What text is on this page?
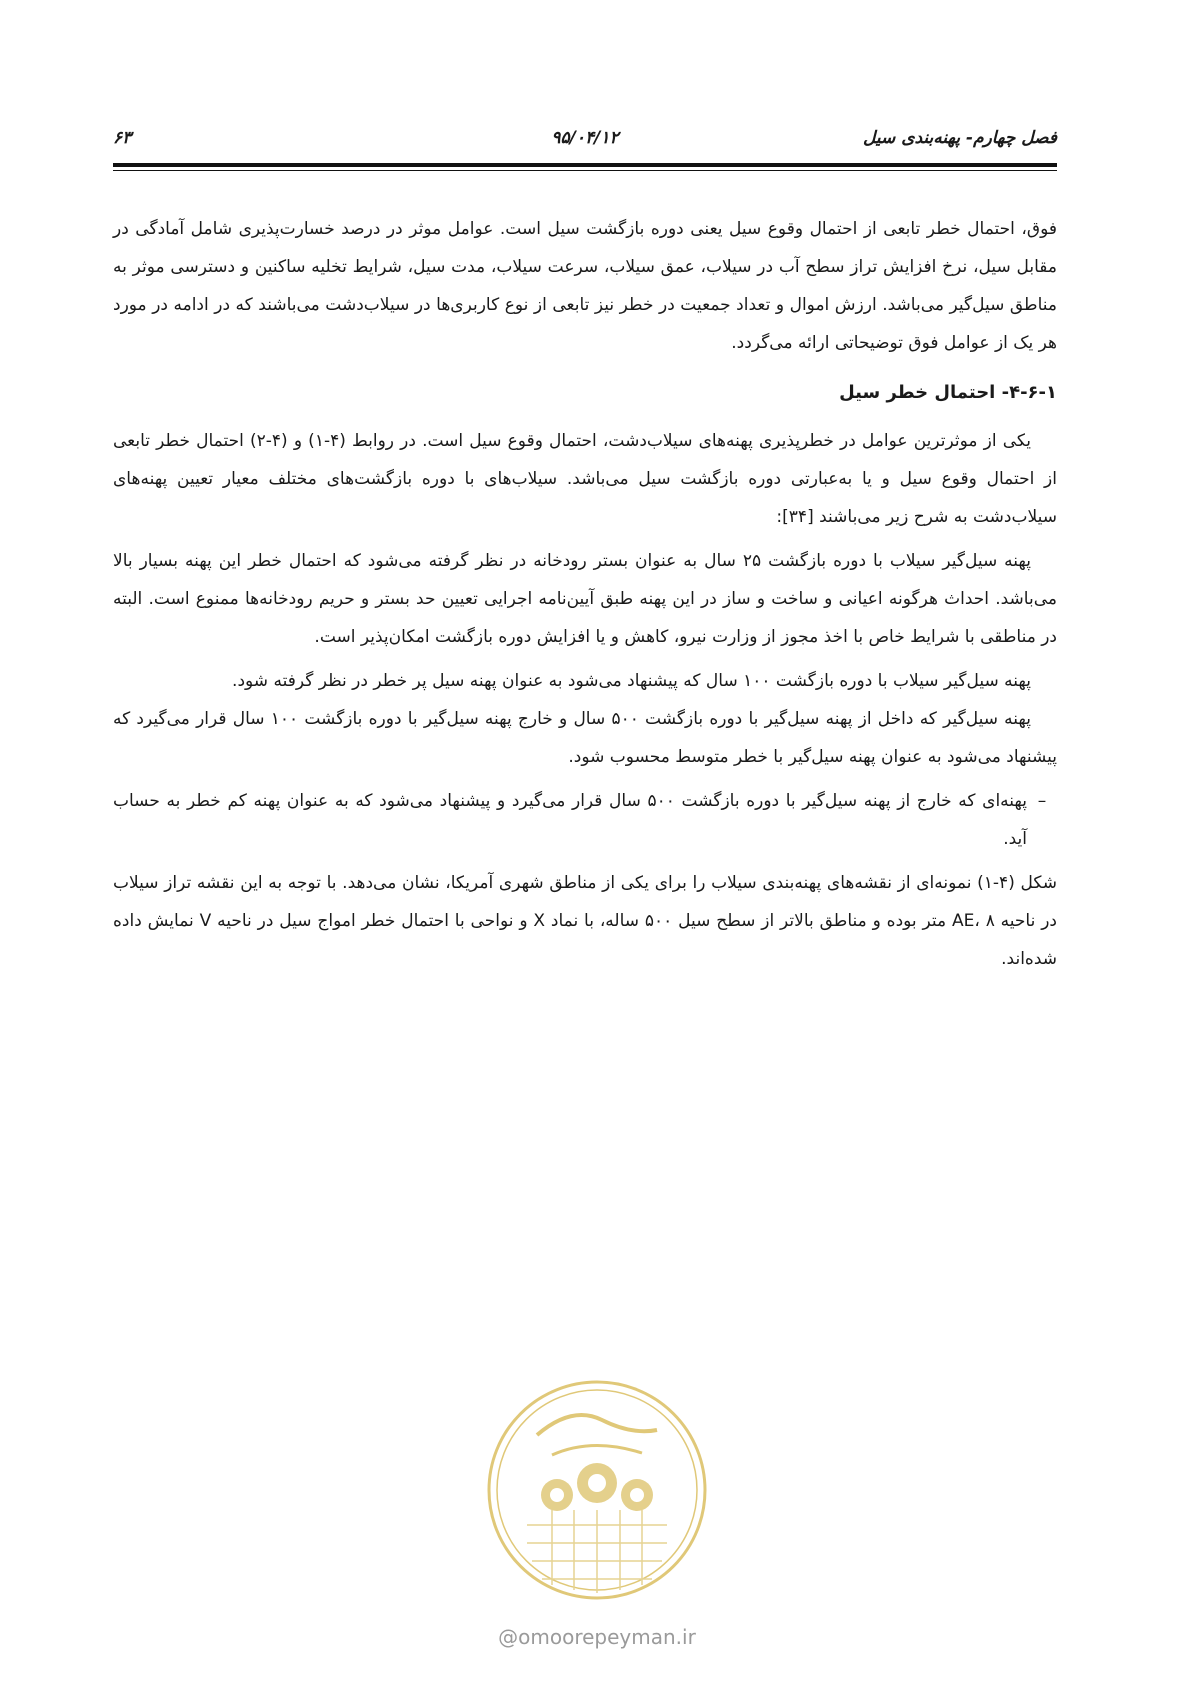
فصل چهارم- پهنه‌بندی سیل
۹۵/۰۴/۱۲
۶۳

فوق، احتمال خطر تابعی از احتمال وقوع سیل یعنی دوره بازگشت سیل است. عوامل موثر در درصد خسارت‌پذیری شامل آمادگی در مقابل سیل، نرخ افزایش تراز سطح آب در سیلاب، عمق سیلاب، سرعت سیلاب، مدت سیل، شرایط تخلیه ساکنین و دسترسی موثر به مناطق سیل‌گیر می‌باشد. ارزش اموال و تعداد جمعیت در خطر نیز تابعی از نوع کاربری‌ها در سیلاب‌دشت می‌باشند که در ادامه در مورد هر یک از عوامل فوق توضیحاتی ارائه می‌گردد.

۴-۶-۱- احتمال خطر سیل

یکی از موثرترین عوامل در خطرپذیری پهنه‌های سیلاب‌دشت، احتمال وقوع سیل است. در روابط (۴-۱) و (۴-۲) احتمال خطر تابعی از احتمال وقوع سیل و یا به‌عبارتی دوره بازگشت سیل می‌باشد. سیلاب‌های با دوره بازگشت‌های مختلف معیار تعیین پهنه‌های سیلاب‌دشت به شرح زیر می‌باشند [۳۴]:

پهنه سیل‌گیر سیلاب با دوره بازگشت ۲۵ سال به عنوان بستر رودخانه در نظر گرفته می‌شود که احتمال خطر این پهنه بسیار بالا می‌باشد. احداث هرگونه اعیانی و ساخت و ساز در این پهنه طبق آیین‌نامه اجرایی تعیین حد بستر و حریم رودخانه‌ها ممنوع است. البته در مناطقی با شرایط خاص با اخذ مجوز از وزارت نیرو، کاهش و یا افزایش دوره بازگشت امکان‌پذیر است.

پهنه سیل‌گیر سیلاب با دوره بازگشت ۱۰۰ سال که پیشنهاد می‌شود به عنوان پهنه سیل پر خطر در نظر گرفته شود.

پهنه سیل‌گیر که داخل از پهنه سیل‌گیر با دوره بازگشت ۵۰۰ سال و خارج پهنه سیل‌گیر با دوره بازگشت ۱۰۰ سال قرار می‌گیرد که پیشنهاد می‌شود به عنوان پهنه سیل‌گیر با خطر متوسط محسوب شود.

–
پهنه‌ای که خارج از پهنه سیل‌گیر با دوره بازگشت ۵۰۰ سال قرار می‌گیرد و پیشنهاد می‌شود که به عنوان پهنه کم خطر به حساب آید.

شکل (۴-۱) نمونه‌ای از نقشه‌های پهنه‌بندی سیلاب را برای یکی از مناطق شهری آمریکا، نشان می‌دهد. با توجه به این نقشه تراز سیلاب در ناحیه AE، ۸ متر بوده و مناطق بالاتر از سطح سیل ۵۰۰ ساله، با نماد X و نواحی با احتمال خطر امواج سیل در ناحیه V نمایش داده شده‌اند.

@omoorepeyman.ir
